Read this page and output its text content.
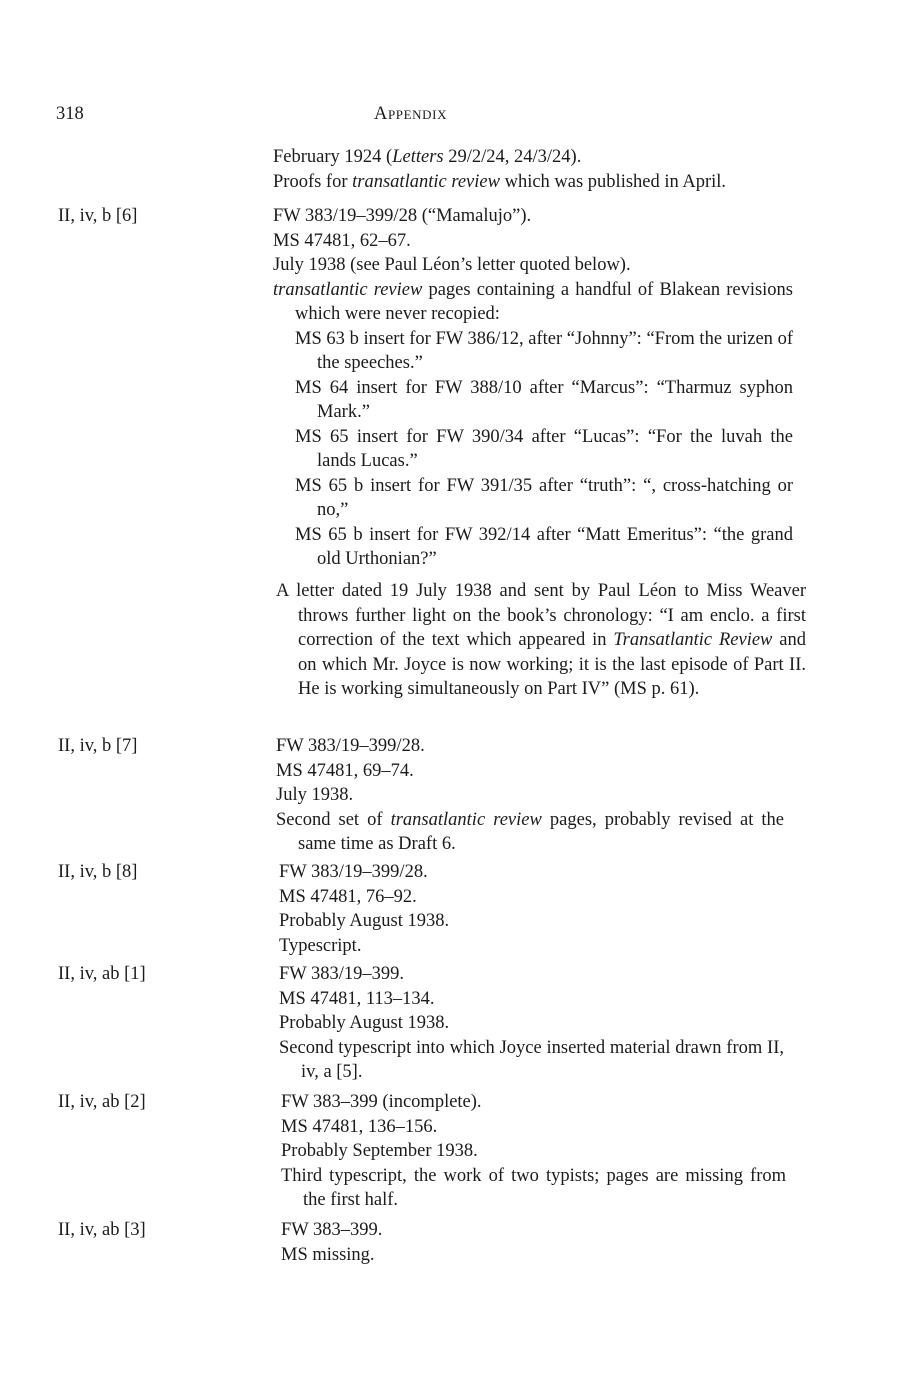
318	Appendix

February 1924 (Letters 29/2/24, 24/3/24).

Proofs for transatlantic review which was published in April.

II, iv, b [6]	FW 383/19–399/28 (“Mamalujo”).

MS 47481, 62–67.

July 1938 (see Paul Léon’s letter quoted below).

transatlantic review pages containing a handful of Blakean revisions which were never recopied:

MS 63 b insert for FW 386/12, after “Johnny”: “From the urizen of the speeches.”

MS 64 insert for FW 388/10 after “Marcus”: “Tharmuz syphon Mark.”

MS 65 insert for FW 390/34 after “Lucas”: “For the luvah the lands Lucas.”

MS 65 b insert for FW 391/35 after “truth”: “, cross-hatching or no,”

MS 65 b insert for FW 392/14 after “Matt Emeritus”: “the grand old Urthonian?”

A letter dated 19 July 1938 and sent by Paul Léon to Miss Weaver throws further light on the book’s chronology: “I am enclo. a first correction of the text which appeared in Transatlantic Review and on which Mr. Joyce is now working; it is the last episode of Part II. He is working simultaneously on Part IV” (MS p. 61).

II, iv, b [7]	FW 383/19–399/28.

MS 47481, 69–74.

July 1938.

Second set of transatlantic review pages, probably revised at the same time as Draft 6.

II, iv, b [8]	FW 383/19–399/28.

MS 47481, 76–92.

Probably August 1938.

Typescript.

II, iv, ab [1]	FW 383/19–399.

MS 47481, 113–134.

Probably August 1938.

Second typescript into which Joyce inserted material drawn from II, iv, a [5].

II, iv, ab [2]	FW 383–399 (incomplete).

MS 47481, 136–156.

Probably September 1938.

Third typescript, the work of two typists; pages are missing from the first half.

II, iv, ab [3]	FW 383–399.

MS missing.
